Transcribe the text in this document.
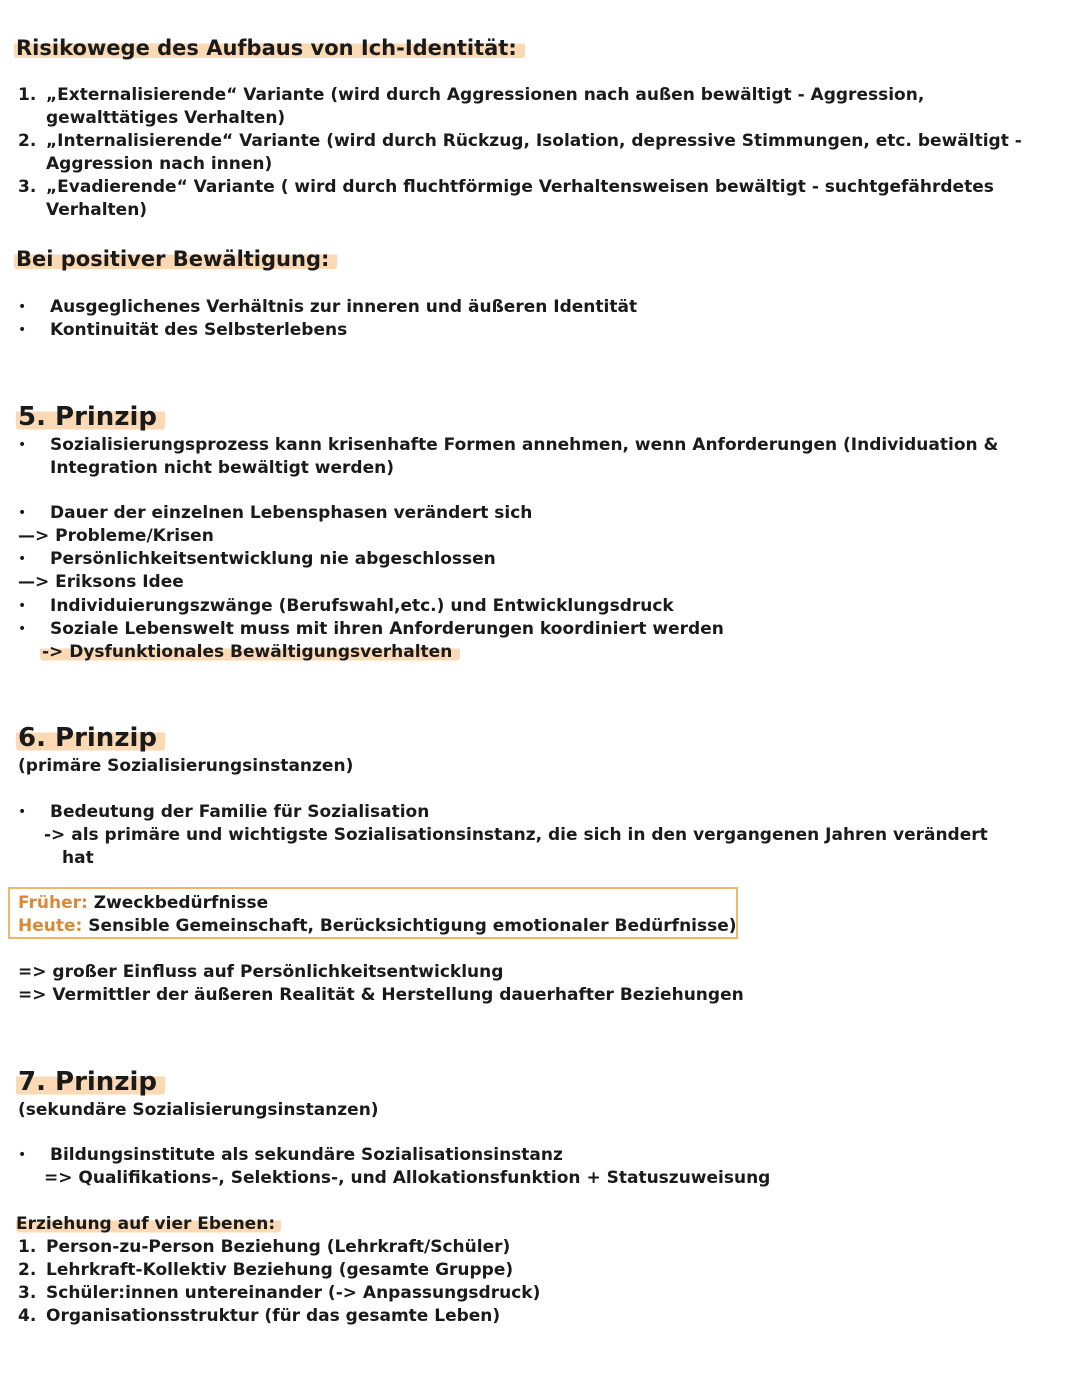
Risikowege des Aufbaus von Ich-Identität:
1. „Externalisierende“ Variante (wird durch Aggressionen nach außen bewältigt - Aggression,
gewalttätiges Verhalten)
2. „Internalisierende“ Variante (wird durch Rückzug, Isolation, depressive Stimmungen, etc. bewältigt -
Aggression nach innen)
3. „Evadierende“ Variante ( wird durch fluchtförmige Verhaltensweisen bewältigt - suchtgefährdetes
Verhalten)
Bei positiver Bewältigung:
• Ausgeglichenes Verhältnis zur inneren und äußeren Identität
• Kontinuität des Selbsterlebens
5. Prinzip
• Sozialisierungsprozess kann krisenhafte Formen annehmen, wenn Anforderungen (Individuation &
Integration nicht bewältigt werden)
• Dauer der einzelnen Lebensphasen verändert sich
—> Probleme/Krisen
• Persönlichkeitsentwicklung nie abgeschlossen
—> Eriksons Idee
• Individuierungszwänge (Berufswahl,etc.) und Entwicklungsdruck
• Soziale Lebenswelt muss mit ihren Anforderungen koordiniert werden
-> Dysfunktionales Bewältigungsverhalten
6. Prinzip
(primäre Sozialisierungsinstanzen)
• Bedeutung der Familie für Sozialisation
-> als primäre und wichtigste Sozialisationsinstanz, die sich in den vergangenen Jahren verändert
hat
Früher: Zweckbedürfnisse
Heute: Sensible Gemeinschaft, Berücksichtigung emotionaler Bedürfnisse)
=> großer Einfluss auf Persönlichkeitsentwicklung
=> Vermittler der äußeren Realität & Herstellung dauerhafter Beziehungen
7. Prinzip
(sekundäre Sozialisierungsinstanzen)
• Bildungsinstitute als sekundäre Sozialisationsinstanz
=> Qualifikations-, Selektions-, und Allokationsfunktion + Statuszuweisung
Erziehung auf vier Ebenen:
1. Person-zu-Person Beziehung (Lehrkraft/Schüler)
2. Lehrkraft-Kollektiv Beziehung (gesamte Gruppe)
3. Schüler:innen untereinander (-> Anpassungsdruck)
4. Organisationsstruktur (für das gesamte Leben)
